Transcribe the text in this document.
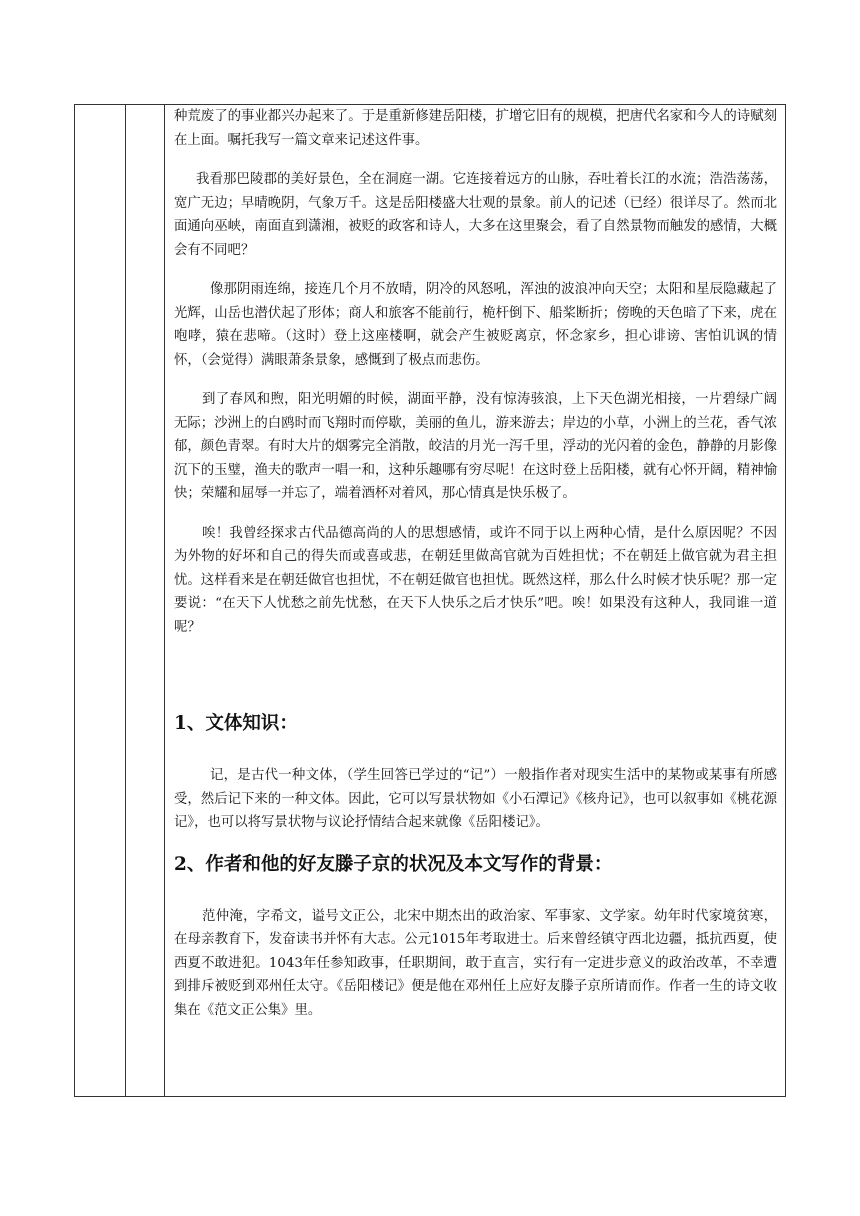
种荒废了的事业都兴办起来了。于是重新修建岳阳楼，扩增它旧有的规模，把唐代名家和今人的诗赋刻在上面。嘱托我写一篇文章来记述这件事。

我看那巴陵郡的美好景色，全在洞庭一湖。它连接着远方的山脉，吞吐着长江的水流；浩浩荡荡，宽广无边；早晴晚阴，气象万千。这是岳阳楼盛大壮观的景象。前人的记述（已经）很详尽了。然而北面通向巫峡，南面直到潇湘，被贬的政客和诗人，大多在这里聚会，看了自然景物而触发的感情，大概会有不同吧？

像那阴雨连绵，接连几个月不放晴，阴冷的风怒吼，浑浊的波浪冲向天空；太阳和星辰隐藏起了光辉，山岳也潜伏起了形体；商人和旅客不能前行，桅杆倒下、船桨断折；傍晚的天色暗了下来，虎在咆哮，猿在悲啼。（这时）登上这座楼啊，就会产生被贬离京，怀念家乡，担心诽谤、害怕讥讽的情怀，（会觉得）满眼萧条景象，感慨到了极点而悲伤。

到了春风和煦，阳光明媚的时候，湖面平静，没有惊涛骇浪，上下天色湖光相接，一片碧绿广阔无际；沙洲上的白鸥时而飞翔时而停歇，美丽的鱼儿，游来游去；岸边的小草，小洲上的兰花，香气浓郁，颜色青翠。有时大片的烟雾完全消散，皎洁的月光一泻千里，浮动的光闪着的金色，静静的月影像沉下的玉璧，渔夫的歌声一唱一和，这种乐趣哪有穷尽呢！在这时登上岳阳楼，就有心怀开阔，精神愉快；荣耀和屈辱一并忘了，端着酒杯对着风，那心情真是快乐极了。

唉！我曾经探求古代品德高尚的人的思想感情，或许不同于以上两种心情，是什么原因呢？不因为外物的好坏和自己的得失而或喜或悲，在朝廷里做高官就为百姓担忧；不在朝廷上做官就为君主担忧。这样看来是在朝廷做官也担忧，不在朝廷做官也担忧。既然这样，那么什么时候才快乐呢？那一定要说：“在天下人忧愁之前先忧愁，在天下人快乐之后才快乐”吧。唉！如果没有这种人，我同谁一道呢？

1、文体知识：

记，是古代一种文体，（学生回答已学过的“记”）一般指作者对现实生活中的某物或某事有所感受，然后记下来的一种文体。因此，它可以写景状物如《小石潭记》《核舟记》，也可以叙事如《桃花源记》，也可以将写景状物与议论抒情结合起来就像《岳阳楼记》。

2、作者和他的好友滕子京的状况及本文写作的背景：

范仲淹，字希文，谥号文正公，北宋中期杰出的政治家、军事家、文学家。幼年时代家境贫寒，在母亲教育下，发奋读书并怀有大志。公元1015年考取进士。后来曾经镇守西北边疆，抵抗西夏，使西夏不敢进犯。1043年任参知政事，任职期间，敢于直言，实行有一定进步意义的政治改革，不幸遭到排斥被贬到邓州任太守。《岳阳楼记》便是他在邓州任上应好友滕子京所请而作。作者一生的诗文收集在《范文正公集》里。
